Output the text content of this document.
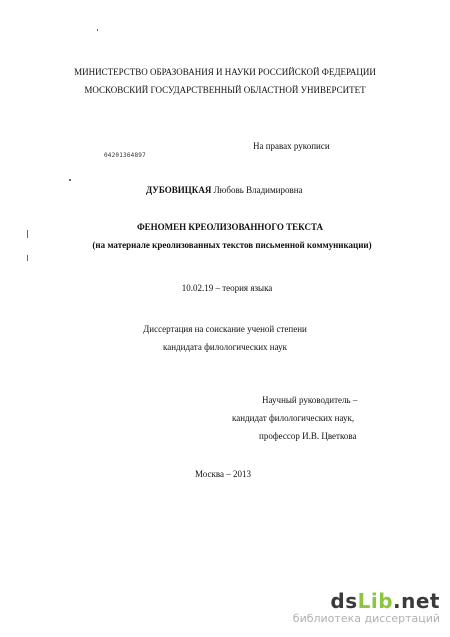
МИНИСТЕРСТВО ОБРАЗОВАНИЯ И НАУКИ РОССИЙСКОЙ ФЕДЕРАЦИИ
МОСКОВСКИЙ ГОСУДАРСТВЕННЫЙ ОБЛАСТНОЙ УНИВЕРСИТЕТ
На правах рукописи
04201364897
ДУБОВИЦКАЯ Любовь Владимировна
ФЕНОМЕН КРЕОЛИЗОВАННОГО ТЕКСТА
(на материале креолизованных текстов письменной коммуникации)
10.02.19 – теория языка
Диссертация на соискание ученой степени
кандидата филологических наук
Научный руководитель –
кандидат филологических наук,
профессор И.В. Цветкова
Москва – 2013
dsLib.net
библиотека диссертаций
